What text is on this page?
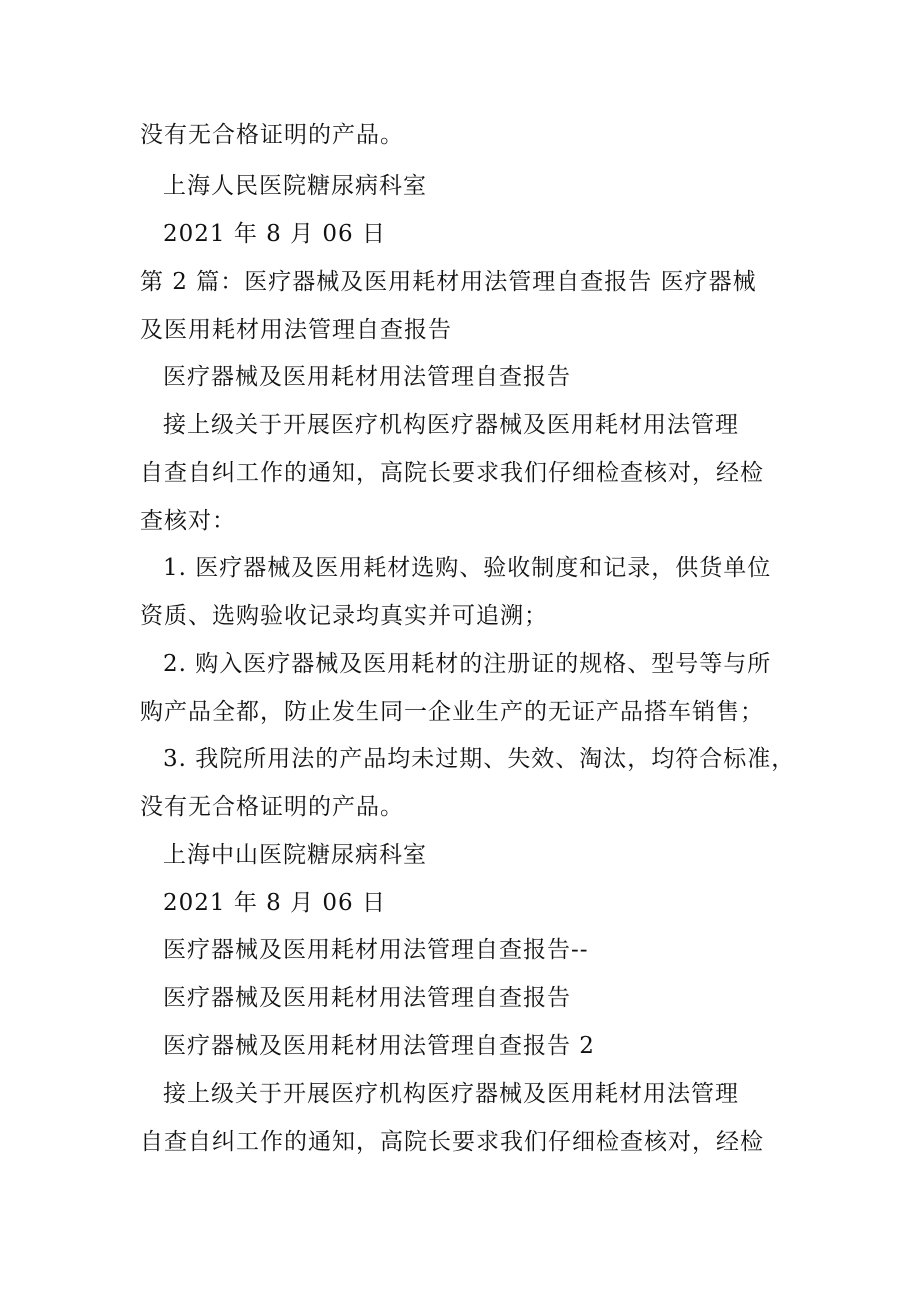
没有无合格证明的产品。
上海人民医院糖尿病科室
2021 年 8 月 06 日
第 2 篇：医疗器械及医用耗材用法管理自查报告 医疗器械
及医用耗材用法管理自查报告
医疗器械及医用耗材用法管理自查报告
接上级关于开展医疗机构医疗器械及医用耗材用法管理
自查自纠工作的通知，高院长要求我们仔细检查核对，经检
查核对：
1. 医疗器械及医用耗材选购、验收制度和记录，供货单位
资质、选购验收记录均真实并可追溯；
2. 购入医疗器械及医用耗材的注册证的规格、型号等与所
购产品全都，防止发生同一企业生产的无证产品搭车销售；
3. 我院所用法的产品均未过期、失效、淘汰，均符合标准，
没有无合格证明的产品。
上海中山医院糖尿病科室
2021 年 8 月 06 日
医疗器械及医用耗材用法管理自查报告--
医疗器械及医用耗材用法管理自查报告
医疗器械及医用耗材用法管理自查报告 2
接上级关于开展医疗机构医疗器械及医用耗材用法管理
自查自纠工作的通知，高院长要求我们仔细检查核对，经检
